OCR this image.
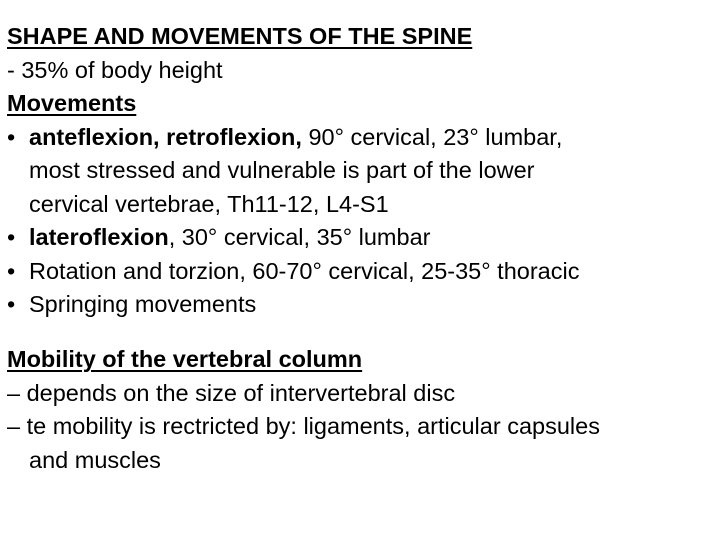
SHAPE AND MOVEMENTS OF THE SPINE
- 35% of body height
Movements
• anteflexion, retroflexion, 90° cervical, 23° lumbar,
most stressed and vulnerable is part of the lower
cervical vertebrae, Th11-12, L4-S1
• lateroflexion, 30° cervical, 35° lumbar
• Rotation and torzion, 60-70° cervical, 25-35° thoracic
• Springing movements
Mobility of the vertebral column
– depends on the size of intervertebral disc
– te mobility is rectricted by: ligaments, articular capsules
and muscles
